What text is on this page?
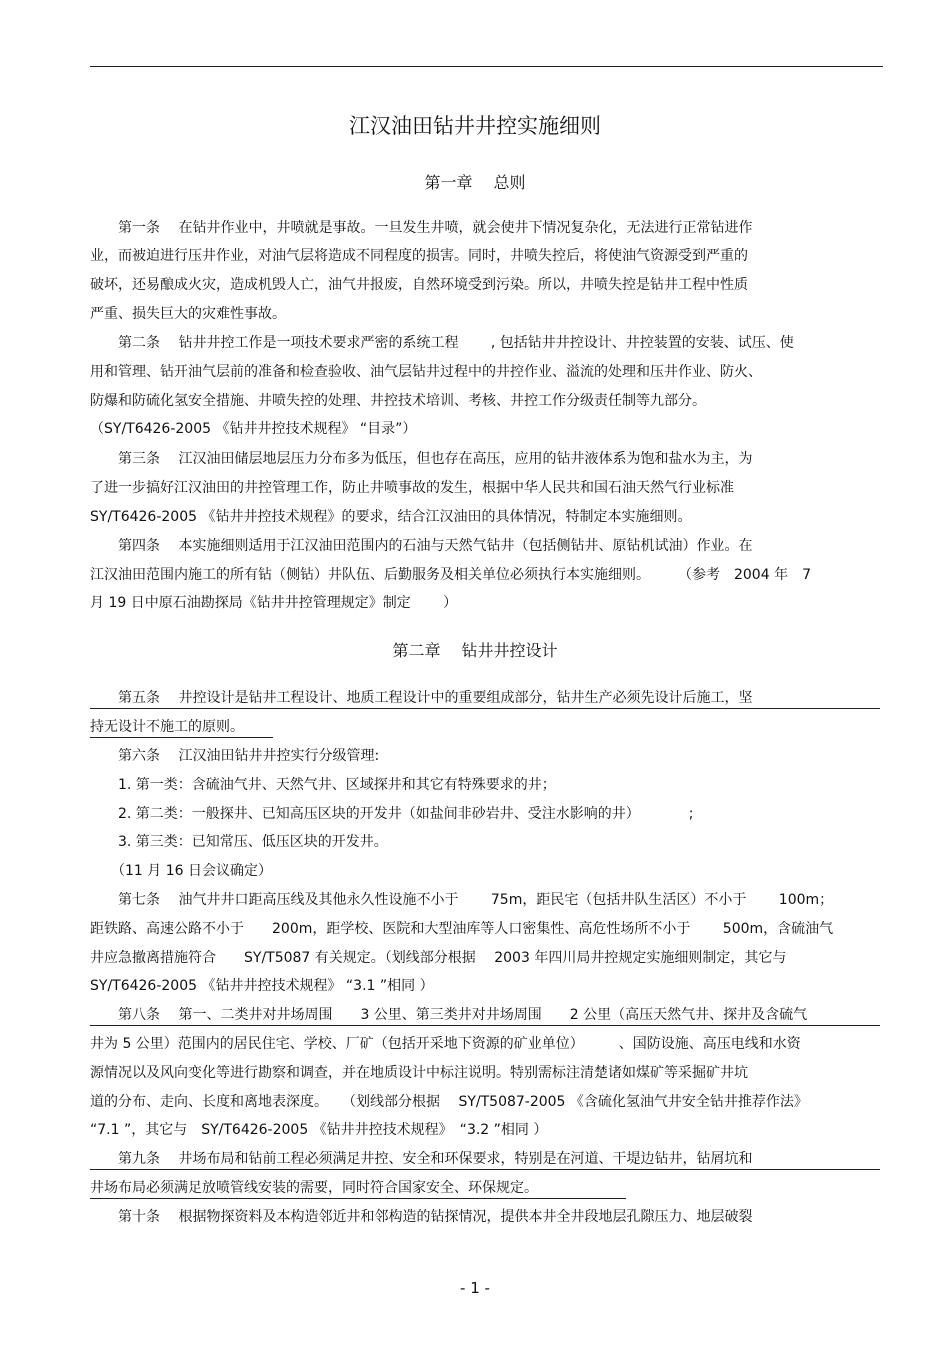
江汉油田钻井井控实施细则
第一章　 总则
　　第一条　 在钻井作业中，井喷就是事故。一旦发生井喷，就会使井下情况复杂化，无法进行正常钻进作
业，而被迫进行压井作业，对油气层将造成不同程度的损害。同时，井喷失控后，将使油气资源受到严重的
破坏，还易酿成火灾，造成机毁人亡，油气井报废，自然环境受到污染。所以，井喷失控是钻井工程中性质
严重、损失巨大的灾难性事故。
　　第二条　 钻井井控工作是一项技术要求严密的系统工程　　 , 包括钻井井控设计、井控装置的安装、试压、使
用和管理、钻开油气层前的准备和检查验收、油气层钻井过程中的井控作业、溢流的处理和压井作业、防火、
防爆和防硫化氢安全措施、井喷失控的处理、井控技术培训、考核、井控工作分级责任制等九部分。
（SY/T6426-2005 《钻井井控技术规程》 “目录”）
　　第三条　 江汉油田储层地层压力分布多为低压，但也存在高压，应用的钻井液体系为饱和盐水为主，为
了进一步搞好江汉油田的井控管理工作，防止井喷事故的发生，根据中华人民共和国石油天然气行业标准
SY/T6426-2005 《钻井井控技术规程》的要求，结合江汉油田的具体情况，特制定本实施细则。
　　第四条　 本实施细则适用于江汉油田范围内的石油与天然气钻井（包括侧钻井、原钻机试油）作业。在
江汉油田范围内施工的所有钻（侧钻）井队伍、后勤服务及相关单位必须执行本实施细则。　　　（参考　2004 年　7
月 19 日中原石油勘探局《钻井井控管理规定》制定　　 ）
第二章　 钻井井控设计
　　第五条　 井控设计是钻井工程设计、地质工程设计中的重要组成部分，钻井生产必须先设计后施工，坚
持无设计不施工的原则。
　　第六条　 江汉油田钻井井控实行分级管理:
　　1. 第一类：含硫油气井、天然气井、区域探井和其它有特殊要求的井；
　　2. 第二类：一般探井、已知高压区块的开发井（如盐间非砂岩井、受注水影响的井）　　　　;
　　3. 第三类：已知常压、低压区块的开发井。
　　（11 月 16 日会议确定）
　　第七条　 油气井井口距高压线及其他永久性设施不小于　　 75m，距民宅（包括井队生活区）不小于　　 100m；
距铁路、高速公路不小于　　200m，距学校、医院和大型油库等人口密集性、高危性场所不小于　　 500m，含硫油气
井应急撤离措施符合　　SY/T5087 有关规定。（划线部分根据　 2003 年四川局井控规定实施细则制定，其它与
SY/T6426-2005 《钻井井控技术规程》 “3.1 ”相同 ）
　　第八条　 第一、二类井对井场周围　　3 公里、第三类井对井场周围　　2 公里（高压天然气井、探井及含硫气
井为 5 公里）范围内的居民住宅、学校、厂矿（包括开采地下资源的矿业单位）　　　、国防设施、高压电线和水资
源情况以及风向变化等进行勘察和调查，并在地质设计中标注说明。特别需标注清楚诸如煤矿等采掘矿井坑
道的分布、走向、长度和离地表深度。　　（划线部分根据　 SY/T5087-2005 《含硫化氢油气井安全钻井推荐作法》
“7.1 ”，其它与　SY/T6426-2005 《钻井井控技术规程》　“3.2 ”相同 ）
　　第九条　 井场布局和钻前工程必须满足井控、安全和环保要求，特别是在河道、干堤边钻井，钻屑坑和
井场布局必须满足放喷管线安装的需要，同时符合国家安全、环保规定。
　　第十条　 根据物探资料及本构造邻近井和邻构造的钻探情况，提供本井全井段地层孔隙压力、地层破裂
- 1 -
